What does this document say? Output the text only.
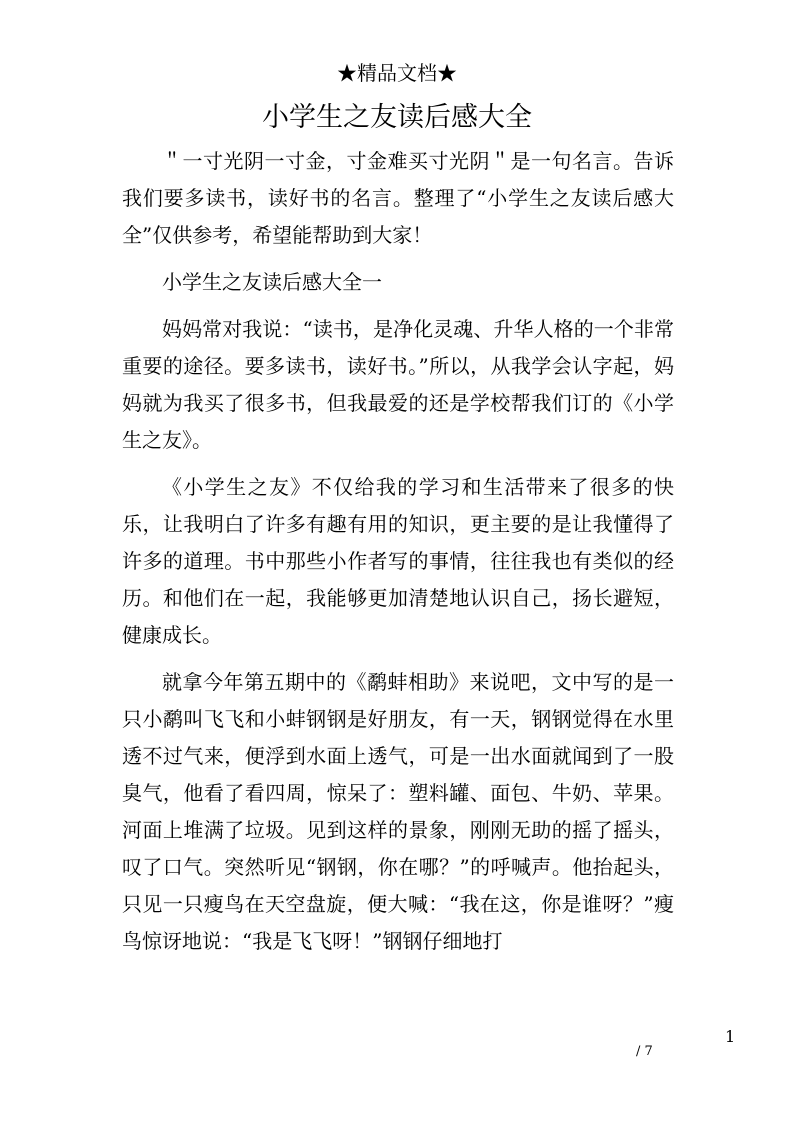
★精品文档★
小学生之友读后感大全

＂一寸光阴一寸金，寸金难买寸光阴＂是一句名言。告诉我们要多读书，读好书的名言。整理了“小学生之友读后感大全”仅供参考，希望能帮助到大家！

小学生之友读后感大全一

妈妈常对我说：“读书，是净化灵魂、升华人格的一个非常重要的途径。要多读书，读好书。”所以，从我学会认字起，妈妈就为我买了很多书，但我最爱的还是学校帮我们订的《小学生之友》。

《小学生之友》不仅给我的学习和生活带来了很多的快乐，让我明白了许多有趣有用的知识，更主要的是让我懂得了许多的道理。书中那些小作者写的事情，往往我也有类似的经历。和他们在一起，我能够更加清楚地认识自己，扬长避短，健康成长。

就拿今年第五期中的《鹬蚌相助》来说吧，文中写的是一只小鹬叫飞飞和小蚌钢钢是好朋友，有一天，钢钢觉得在水里透不过气来，便浮到水面上透气，可是一出水面就闻到了一股臭气，他看了看四周，惊呆了：塑料罐、面包、牛奶、苹果。河面上堆满了垃圾。见到这样的景象，刚刚无助的摇了摇头，叹了口气。突然听见“钢钢，你在哪？”的呼喊声。他抬起头，只见一只瘦鸟在天空盘旋，便大喊：“我在这，你是谁呀？”瘦鸟惊讶地说：“我是飞飞呀！”钢钢仔细地打

1
/ 7
